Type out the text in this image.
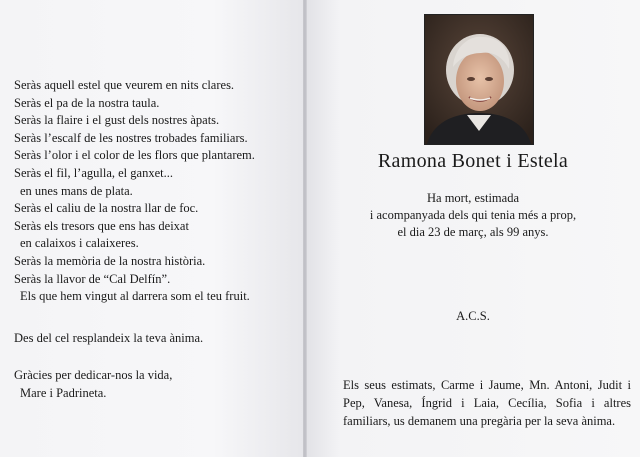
Seràs aquell estel que veurem en nits clares.
Seràs el pa de la nostra taula.
Seràs la flaire i el gust dels nostres àpats.
Seràs l’escalf de les nostres trobades familiars.
Seràs l’olor i el color de les flors que plantarem.
Seràs el fil, l’agulla, el ganxet...
en unes mans de plata.
Seràs el caliu de la nostra llar de foc.
Seràs els tresors que ens has deixat
en calaixos i calaixeres.
Seràs la memòria de la nostra història.
Seràs la llavor de “Cal Delfín”.
Els que hem vingut al darrera som el teu fruit.
Des del cel resplandeix la teva ànima.
Gràcies per dedicar-nos la vida,
Mare i Padrineta.
Ramona Bonet i Estela
Ha mort, estimada
i acompanyada dels qui tenia més a prop,
el dia 23 de març, als 99 anys.
A.C.S.
Els seus estimats, Carme i Jaume, Mn. Antoni, Judit i Pep, Vanesa, Íngrid i Laia, Cecília, Sofia i altres familiars, us demanem una pregària per la seva ànima.
